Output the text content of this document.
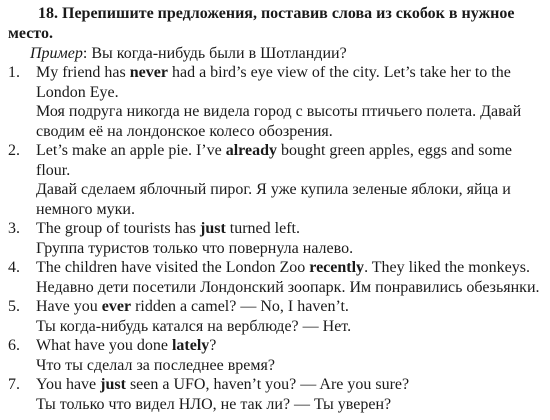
18. Перепишите предложения, поставив слова из скобок в нужное место.
Пример: Вы когда-нибудь были в Шотландии?
1. My friend has never had a bird’s eye view of the city. Let’s take her to the London Eye.
Моя подруга никогда не видела город с высоты птичьего полета. Давай сводим её на лондонское колесо обозрения.
2. Let’s make an apple pie. I’ve already bought green apples, eggs and some flour.
Давай сделаем яблочный пирог. Я уже купила зеленые яблоки, яйца и немного муки.
3. The group of tourists has just turned left.
Группа туристов только что повернула налево.
4. The children have visited the London Zoo recently. They liked the monkeys.
Недавно дети посетили Лондонский зоопарк. Им понравились обезьянки.
5. Have you ever ridden a camel? — No, I haven’t.
Ты когда-нибудь катался на верблюде? — Нет.
6. What have you done lately?
Что ты сделал за последнее время?
7. You have just seen a UFO, haven’t you? — Are you sure?
Ты только что видел НЛО, не так ли? — Ты уверен?
